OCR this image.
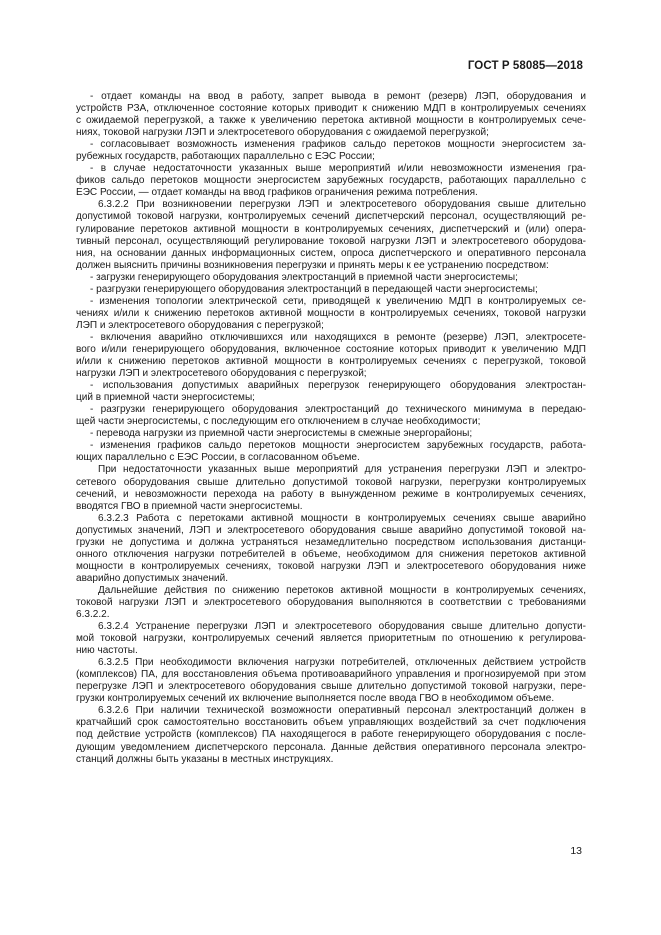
ГОСТ Р 58085—2018
- отдает команды на ввод в работу, запрет вывода в ремонт (резерв) ЛЭП, оборудования и
устройств РЗА, отключенное состояние которых приводит к снижению МДП в контролируемых сечениях
с ожидаемой перегрузкой, а также к увеличению перетока активной мощности в контролируемых сече-
ниях, токовой нагрузки ЛЭП и электросетевого оборудования с ожидаемой перегрузкой;
- согласовывает возможность изменения графиков сальдо перетоков мощности энергосистем за-
рубежных государств, работающих параллельно с ЕЭС России;
- в случае недостаточности указанных выше мероприятий и/или невозможности изменения гра-
фиков сальдо перетоков мощности энергосистем зарубежных государств, работающих параллельно с
ЕЭС России, — отдает команды на ввод графиков ограничения режима потребления.
6.3.2.2 При возникновении перегрузки ЛЭП и электросетевого оборудования свыше длительно
допустимой токовой нагрузки, контролируемых сечений диспетчерский персонал, осуществляющий ре-
гулирование перетоков активной мощности в контролируемых сечениях, диспетчерский и (или) опера-
тивный персонал, осуществляющий регулирование токовой нагрузки ЛЭП и электросетевого оборудова-
ния, на основании данных информационных систем, опроса диспетчерского и оперативного персонала
должен выяснить причины возникновения перегрузки и принять меры к ее устранению посредством:
- загрузки генерирующего оборудования электростанций в приемной части энергосистемы;
- разгрузки генерирующего оборудования электростанций в передающей части энергосистемы;
- изменения топологии электрической сети, приводящей к увеличению МДП в контролируемых се-
чениях и/или к снижению перетоков активной мощности в контролируемых сечениях, токовой нагрузки
ЛЭП и электросетевого оборудования с перегрузкой;
- включения аварийно отключившихся или находящихся в ремонте (резерве) ЛЭП, электросете-
вого и/или генерирующего оборудования, включенное состояние которых приводит к увеличению МДП
и/или к снижению перетоков активной мощности в контролируемых сечениях с перегрузкой, токовой
нагрузки ЛЭП и электросетевого оборудования с перегрузкой;
- использования допустимых аварийных перегрузок генерирующего оборудования электростан-
ций в приемной части энергосистемы;
- разгрузки генерирующего оборудования электростанций до технического минимума в передаю-
щей части энергосистемы, с последующим его отключением в случае необходимости;
- перевода нагрузки из приемной части энергосистемы в смежные энергорайоны;
- изменения графиков сальдо перетоков мощности энергосистем зарубежных государств, работа-
ющих параллельно с ЕЭС России, в согласованном объеме.
При недостаточности указанных выше мероприятий для устранения перегрузки ЛЭП и электро-
сетевого оборудования свыше длительно допустимой токовой нагрузки, перегрузки контролируемых
сечений, и невозможности перехода на работу в вынужденном режиме в контролируемых сечениях,
вводятся ГВО в приемной части энергосистемы.
6.3.2.3 Работа с перетоками активной мощности в контролируемых сечениях свыше аварийно
допустимых значений, ЛЭП и электросетевого оборудования свыше аварийно допустимой токовой на-
грузки не допустима и должна устраняться незамедлительно посредством использования дистанци-
онного отключения нагрузки потребителей в объеме, необходимом для снижения перетоков активной
мощности в контролируемых сечениях, токовой нагрузки ЛЭП и электросетевого оборудования ниже
аварийно допустимых значений.
Дальнейшие действия по снижению перетоков активной мощности в контролируемых сечениях,
токовой нагрузки ЛЭП и электросетевого оборудования выполняются в соответствии с требованиями
6.3.2.2.
6.3.2.4 Устранение перегрузки ЛЭП и электросетевого оборудования свыше длительно допусти-
мой токовой нагрузки, контролируемых сечений является приоритетным по отношению к регулирова-
нию частоты.
6.3.2.5 При необходимости включения нагрузки потребителей, отключенных действием устройств
(комплексов) ПА, для восстановления объема противоаварийного управления и прогнозируемой при этом
перегрузке ЛЭП и электросетевого оборудования свыше длительно допустимой токовой нагрузки, пере-
грузки контролируемых сечений их включение выполняется после ввода ГВО в необходимом объеме.
6.3.2.6 При наличии технической возможности оперативный персонал электростанций должен в
кратчайший срок самостоятельно восстановить объем управляющих воздействий за счет подключения
под действие устройств (комплексов) ПА находящегося в работе генерирующего оборудования с после-
дующим уведомлением диспетчерского персонала. Данные действия оперативного персонала электро-
станций должны быть указаны в местных инструкциях.
13
